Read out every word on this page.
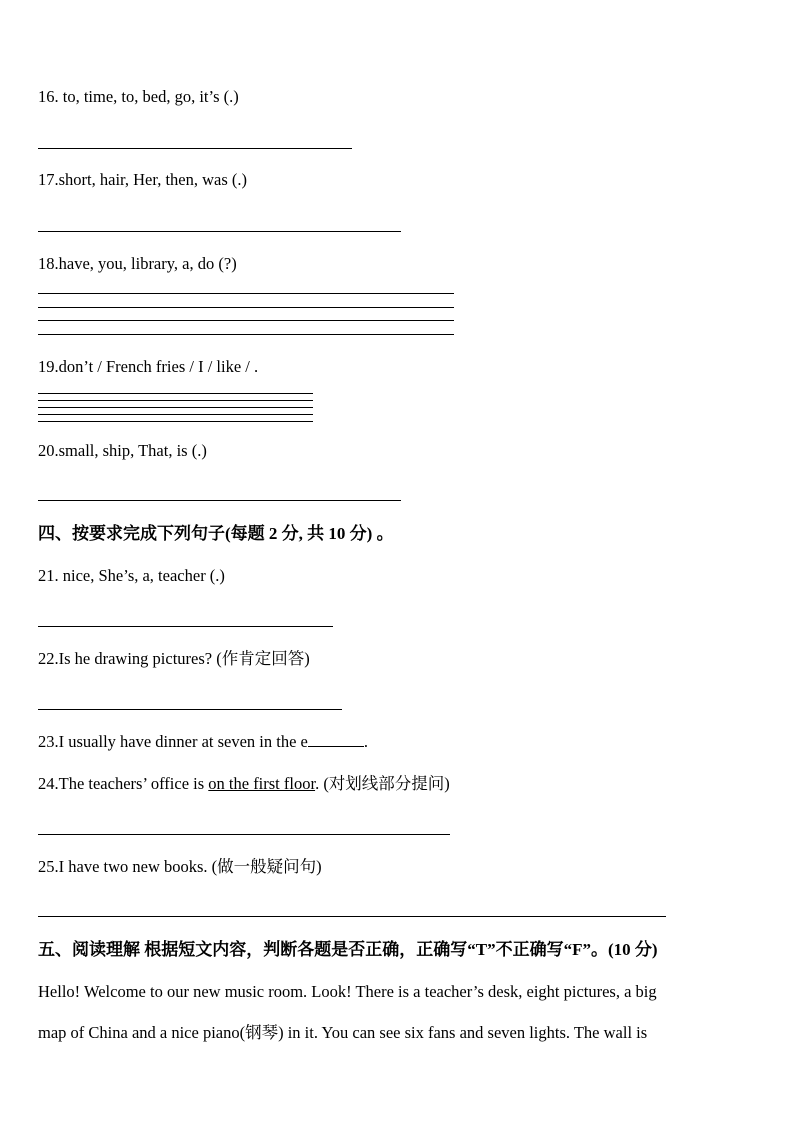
16. to, time, to, bed, go, it’s (.)
17.short, hair, Her, then, was (.)
18.have, you, library, a, do (?)
19.don’t / French fries / I / like / .
20.small, ship, That, is (.)
四、按要求完成下列句子(每题 2 分, 共 10 分) 。
21. nice, She’s, a, teacher (.)
22.Is he drawing pictures? (作肯定回答)
23.I usually have dinner at seven in the e	.
24.The teachers’ office is on the first floor. (对划线部分提问)
25.I have two new books. (做一般疑问句)
五、阅读理解 根据短文内容，判断各题是否正确，正确写“T”不正确写“F”。(10 分)
Hello! Welcome to our new music room. Look! There is a teacher’s desk, eight pictures, a big
map of China and a nice piano(钢琴) in it. You can see six fans and seven lights. The wall is
